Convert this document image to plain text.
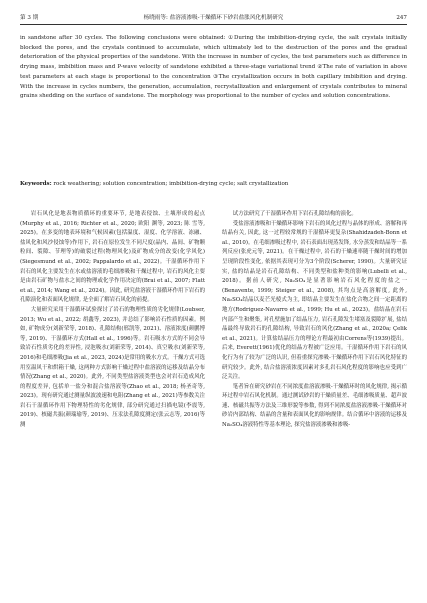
第 3 期	杨晓雨等: 盐溶液渗吸-干燥循环下砂岩盐胀风化机制研究	247
in sandstone after 30 cycles. The following conclusions were obtained: ①During the imbibition-drying cycle, the salt crystals initially blocked the pores, and the crystals continued to accumulate, which ultimately led to the destruction of the pores and the gradual deterioration of the physical properties of the sandstone. With the increase in number of cycles, the test parameters such as difference in drying mass, imbibition mass and P-wave velocity of sandstone exhibited a three-stage variational trend ②The rate of variation in above test parameters at each stage is proportional to the concentration ③The crystallization occurs in both capillary imbibition and drying. With the increase in cycles numbers, the generation, accumulation, recrystallization and enlargement of crystals contributes to mineral grains shedding on the surface of sandstone. The morphology was proportional to the number of cycles and solution concentrations.
Keywords: rock weathering; solution concentration; imbibition-drying cycle; salt crystallization

岩石风化是地表物质循环的重要环节, 是地表侵蚀、土壤形成的起点(Murphy et al., 2016; Richter et al., 2020; 欧阳 渊等, 2023; 陈 雪等, 2025)。在多变的地表环境和气候因素(包括温度、湿度、化学溶液、冻融、盐风化和风沙侵蚀等)作用下, 岩石在原位发生不同尺度(晶内、晶间、矿物颗粒间、裂隙、节理等)的破裂过程(物理风化)及矿物成分的改变(化学风化)(Siegesmund et al., 2002; Pappalardo et al., 2022)。干湿循环作用下岩石的风化主要发生在水或盐溶液的毛细渗吸和干燥过程中, 岩石的风化主要是由岩石矿物与盐水之间的物理或化学作用决定的(Brai et al., 2007; Flatt et al., 2014; Wang et al., 2024)。因此, 研究盐溶液干湿循环作用下岩石的孔隙演化和表面风化规律, 是全面了解岩石风化的前提。

大量研究采用干湿循环试验探讨了岩石的物理性质的劣化规律(Loubser, 2013; Wu et al., 2022; 胡鑫等, 2023), 并总结了影响岩石性质的因素。例如, 矿物成分(刘新荣等, 2018)、孔隙结构(邢凯等, 2021)、溶液浓度(颜鹏博等, 2019)、干湿循环方式(Hall et al., 1996)等。岩石吸水方式的不同会导致岩石性质劣化的差异性, 浸泡吸水(刘新荣等, 2014)、真空吸水(刘新荣等, 2016)和毛细渗吸(Jia et al., 2023, 2024)是常用的吸水方式。干燥方式可选用室温风干和烘箱干燥, 这两种方式影响干燥过程中盐溶液的运移及结晶分布情况(Zhang et al., 2020)。此外, 不同类型盐溶液类型也会对岩石造成风化的程度差异, 包括单一盐分和混合盐溶液等(Zhao et al., 2018; 杨圣奇等, 2023)。现有研究通过测量纵波波速和电阻(Zhang et al., 2021)等参数关注岩石干湿循环作用下物理特性的劣化规律, 部分研究通过扫描电镜(李震等, 2019)、核磁共振(颜瑞瑜等, 2019)、压汞法孔隙度测定(张云志等, 2016)等测

试方法研究了干湿循环作用下岩石孔隙结构的演化。

受盐溶液渗吸和干燥循环影响下岩石的风化过程与晶体的形成、溶解和再结晶有关, 因此, 这一过程较常规的干湿循环更复杂(Shahidzadeh-Bonn et al., 2010)。在毛细渗吸过程中, 岩石表面出现蒸发锋, 水分蒸发和结晶等一系列反应(张虎元等, 2021)。在干燥过程中, 岩石的干燥速率随干燥时间的增加呈现阶段性变化, 依据其表现可分为3个阶段(Scherer, 1990)。大量研究证实, 盐的结晶是岩石孔隙结构、不同类型和盐种类的影响(Lubelli et al., 2018)。据前人研究, Na₂SO₄是显著影响岩石风化程度的盐之一(Benavente, 1999; Steiger et al., 2008), 其均点是高溶解度, 此外, Na₂SO₄结晶以麦芒光棱式为主, 即结晶主要发生在盐化合物之间一定距离的地方(Rodriguez-Navarro et al., 1999; Hu et al., 2023)。盐结晶在岩石内部产生和聚集, 对孔壁施加了结晶压力, 岩石孔隙发生堵塞及裂隙扩展, 盐结晶最终导致岩石的孔隙结构, 导致岩石的风化(Zhang et al., 2020a; Çelik et al., 2021)。计算盐结晶压力的理论方程最初由Correns等(1939)提出。后来, Everett(1961)优化的结晶方程被广泛应用。干湿循环作用下岩石的风化行为有了较为广泛的认识, 但着重探究渗吸-干燥循环作用下岩石风化特征的研究较少。此外, 结合盐溶液浓度因素对多孔岩石风化程度的影响也应受到广泛关注。

笔者旨在研究砂岩在不同浓度盐溶液渗吸-干燥循环时的风化规律, 揭示循环过程中岩石风化机制。通过测试砂岩的干燥质量差、毛细渗吸质量、超声波速、核磁共振等方法及三维形貌等参数, 得到不同浓度盐溶液渗吸-干燥循环对砂岩内部结构、结晶的含量和表面风化的影响规律。结合循环中溶液的运移及Na₂SO₄溶液特性等基本理论, 探究盐溶液渗吸和渗吸-
